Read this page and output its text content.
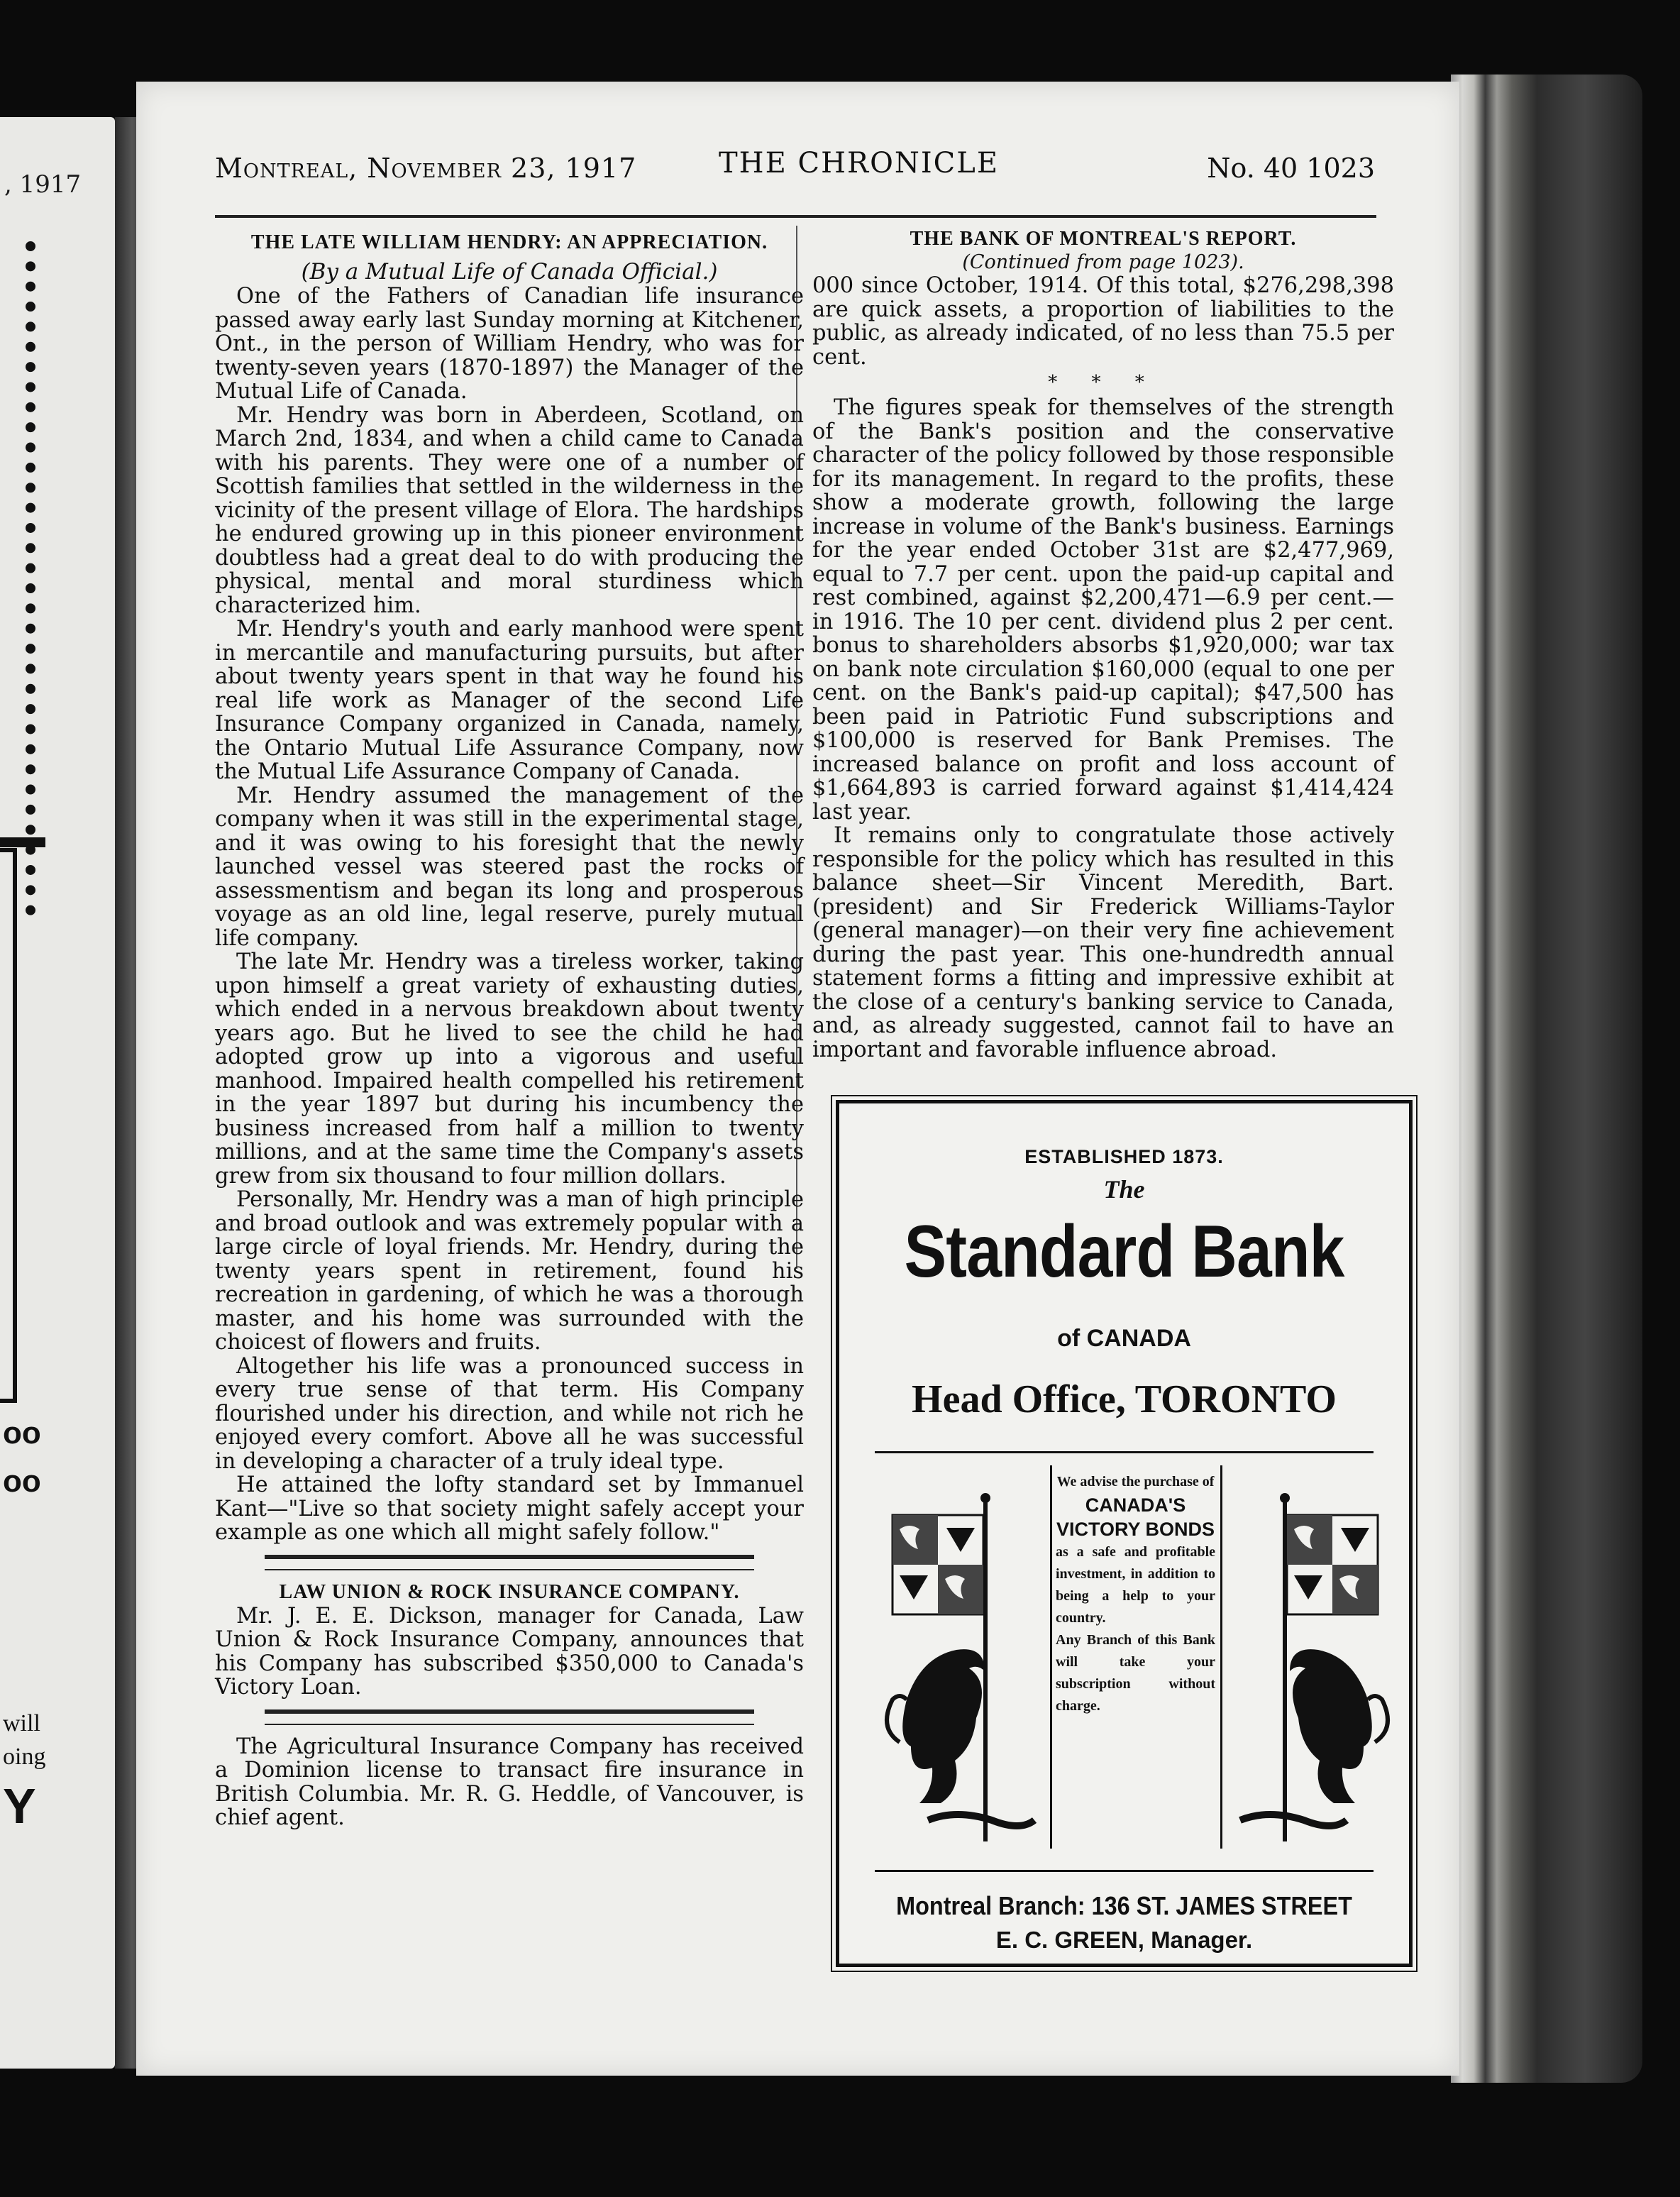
, 1917
oo
oo
will
oing
Y
Montreal, November 23, 1917	THE CHRONICLE	No. 40 1023
THE LATE WILLIAM HENDRY: AN APPRECIATION.
(By a Mutual Life of Canada Official.)

One of the Fathers of Canadian life insurance passed away early last Sunday morning at Kitchener, Ont., in the person of William Hendry, who was for twenty-seven years (1870-1897) the Manager of the Mutual Life of Canada.

Mr. Hendry was born in Aberdeen, Scotland, on March 2nd, 1834, and when a child came to Canada with his parents. They were one of a number of Scottish families that settled in the wilderness in the vicinity of the present village of Elora. The hardships he endured growing up in this pioneer environment doubtless had a great deal to do with producing the physical, mental and moral sturdiness which characterized him.

Mr. Hendry's youth and early manhood were spent in mercantile and manufacturing pursuits, but after about twenty years spent in that way he found his real life work as Manager of the second Life Insurance Company organized in Canada, namely, the Ontario Mutual Life Assurance Company, now the Mutual Life Assurance Company of Canada.

Mr. Hendry assumed the management of the company when it was still in the experimental stage, and it was owing to his foresight that the newly launched vessel was steered past the rocks of assessmentism and began its long and prosperous voyage as an old line, legal reserve, purely mutual life company.

The late Mr. Hendry was a tireless worker, taking upon himself a great variety of exhausting duties, which ended in a nervous breakdown about twenty years ago. But he lived to see the child he had adopted grow up into a vigorous and useful manhood. Impaired health compelled his retirement in the year 1897 but during his incumbency the business increased from half a million to twenty millions, and at the same time the Company's assets grew from six thousand to four million dollars.

Personally, Mr. Hendry was a man of high principle and broad outlook and was extremely popular with a large circle of loyal friends. Mr. Hendry, during the twenty years spent in retirement, found his recreation in gardening, of which he was a thorough master, and his home was surrounded with the choicest of flowers and fruits.

Altogether his life was a pronounced success in every true sense of that term. His Company flourished under his direction, and while not rich he enjoyed every comfort. Above all he was successful in developing a character of a truly ideal type.

He attained the lofty standard set by Immanuel Kant—"Live so that society might safely accept your example as one which all might safely follow."

LAW UNION & ROCK INSURANCE COMPANY.

Mr. J. E. E. Dickson, manager for Canada, Law Union & Rock Insurance Company, announces that his Company has subscribed $350,000 to Canada's Victory Loan.

The Agricultural Insurance Company has received a Dominion license to transact fire insurance in British Columbia. Mr. R. G. Heddle, of Vancouver, is chief agent.

THE BANK OF MONTREAL'S REPORT.
(Continued from page 1023).

000 since October, 1914. Of this total, $276,298,398 are quick assets, a proportion of liabilities to the public, as already indicated, of no less than 75.5 per cent.

* * *

The figures speak for themselves of the strength of the Bank's position and the conservative character of the policy followed by those responsible for its management. In regard to the profits, these show a moderate growth, following the large increase in volume of the Bank's business. Earnings for the year ended October 31st are $2,477,969, equal to 7.7 per cent. upon the paid-up capital and rest combined, against $2,200,471—6.9 per cent.—in 1916. The 10 per cent. dividend plus 2 per cent. bonus to shareholders absorbs $1,920,000; war tax on bank note circulation $160,000 (equal to one per cent. on the Bank's paid-up capital); $47,500 has been paid in Patriotic Fund subscriptions and $100,000 is reserved for Bank Premises. The increased balance on profit and loss account of $1,664,893 is carried forward against $1,414,424 last year.

It remains only to congratulate those actively responsible for the policy which has resulted in this balance sheet—Sir Vincent Meredith, Bart. (president) and Sir Frederick Williams-Taylor (general manager)—on their very fine achievement during the past year. This one-hundredth annual statement forms a fitting and impressive exhibit at the close of a century's banking service to Canada, and, as already suggested, cannot fail to have an important and favorable influence abroad.

ESTABLISHED 1873.
The
Standard Bank
of CANADA
Head Office, TORONTO
We advise the purchase of
CANADA'S VICTORY BONDS
as a safe and profitable investment, in addition to being a help to your country.
Any Branch of this Bank will take your subscription without charge.
Montreal Branch: 136 ST. JAMES STREET
E. C. GREEN, Manager.
